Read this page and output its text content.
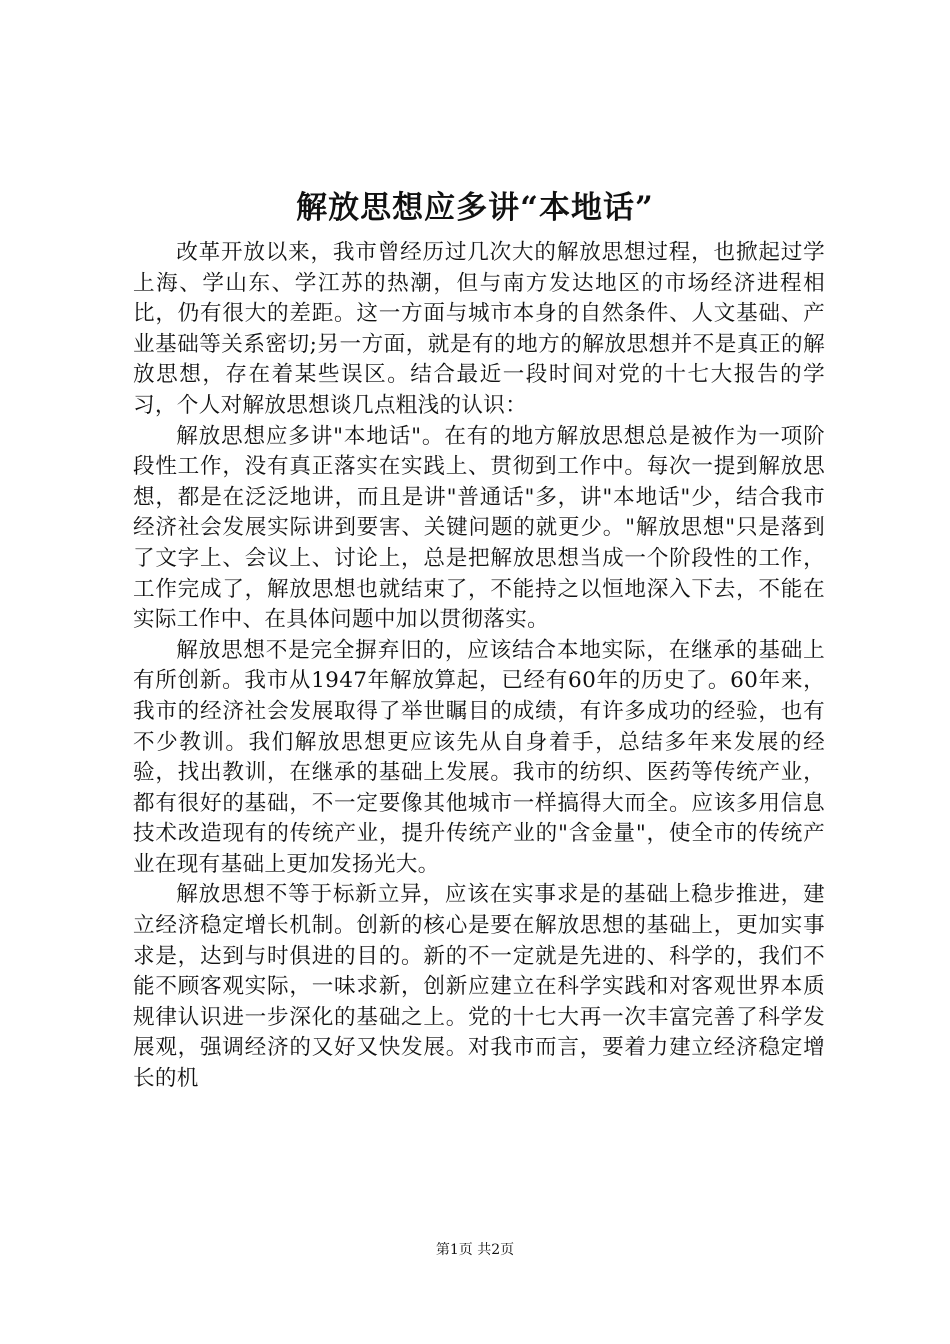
解放思想应多讲“本地话”

改革开放以来，我市曾经历过几次大的解放思想过程，也掀起过学上海、学山东、学江苏的热潮，但与南方发达地区的市场经济进程相比，仍有很大的差距。这一方面与城市本身的自然条件、人文基础、产业基础等关系密切;另一方面，就是有的地方的解放思想并不是真正的解放思想，存在着某些误区。结合最近一段时间对党的十七大报告的学习，个人对解放思想谈几点粗浅的认识：

解放思想应多讲"本地话"。在有的地方解放思想总是被作为一项阶段性工作，没有真正落实在实践上、贯彻到工作中。每次一提到解放思想，都是在泛泛地讲，而且是讲"普通话"多，讲"本地话"少，结合我市经济社会发展实际讲到要害、关键问题的就更少。"解放思想"只是落到了文字上、会议上、讨论上，总是把解放思想当成一个阶段性的工作，工作完成了，解放思想也就结束了，不能持之以恒地深入下去，不能在实际工作中、在具体问题中加以贯彻落实。

解放思想不是完全摒弃旧的，应该结合本地实际，在继承的基础上有所创新。我市从1947年解放算起，已经有60年的历史了。60年来，我市的经济社会发展取得了举世瞩目的成绩，有许多成功的经验，也有不少教训。我们解放思想更应该先从自身着手，总结多年来发展的经验，找出教训，在继承的基础上发展。我市的纺织、医药等传统产业，都有很好的基础，不一定要像其他城市一样搞得大而全。应该多用信息技术改造现有的传统产业，提升传统产业的"含金量"，使全市的传统产业在现有基础上更加发扬光大。

解放思想不等于标新立异，应该在实事求是的基础上稳步推进，建立经济稳定增长机制。创新的核心是要在解放思想的基础上，更加实事求是，达到与时俱进的目的。新的不一定就是先进的、科学的，我们不能不顾客观实际，一味求新，创新应建立在科学实践和对客观世界本质规律认识进一步深化的基础之上。党的十七大再一次丰富完善了科学发展观，强调经济的又好又快发展。对我市而言，要着力建立经济稳定增长的机

第1页 共2页
